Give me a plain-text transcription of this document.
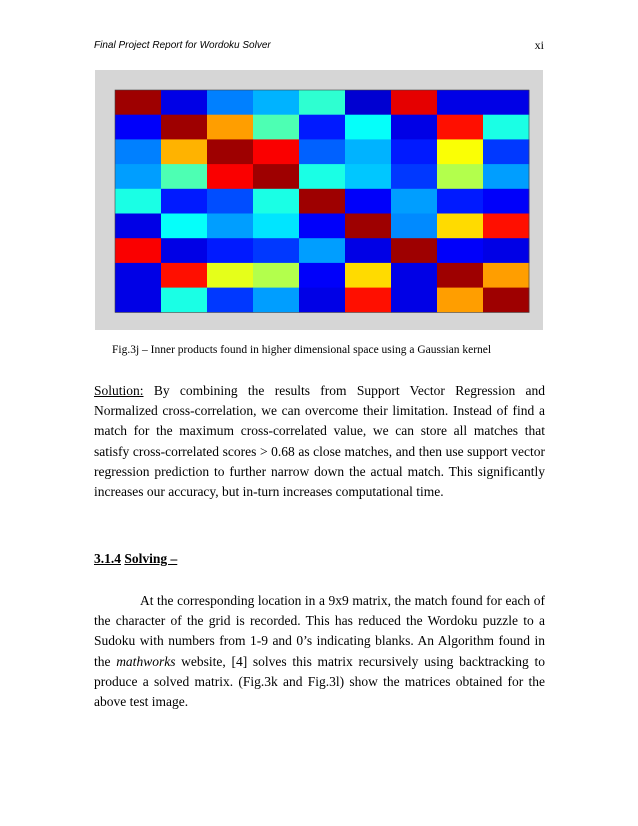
Final Project Report for Wordoku Solver	xi
Fig.3j – Inner products found in higher dimensional space using a Gaussian kernel

Solution: By combining the results from Support Vector Regression and Normalized cross-correlation, we can overcome their limitation. Instead of find a match for the maximum cross-correlated value, we can store all matches that satisfy cross-correlated scores > 0.68 as close matches, and then use support vector regression prediction to further narrow down the actual match. This significantly increases our accuracy, but in-turn increases computational time.

3.1.4 Solving –

At the corresponding location in a 9x9 matrix, the match found for each of the character of the grid is recorded. This has reduced the Wordoku puzzle to a Sudoku with numbers from 1-9 and 0’s indicating blanks. An Algorithm found in the mathworks website, [4] solves this matrix recursively using backtracking to produce a solved matrix. (Fig.3k and Fig.3l) show the matrices obtained for the above test image.
